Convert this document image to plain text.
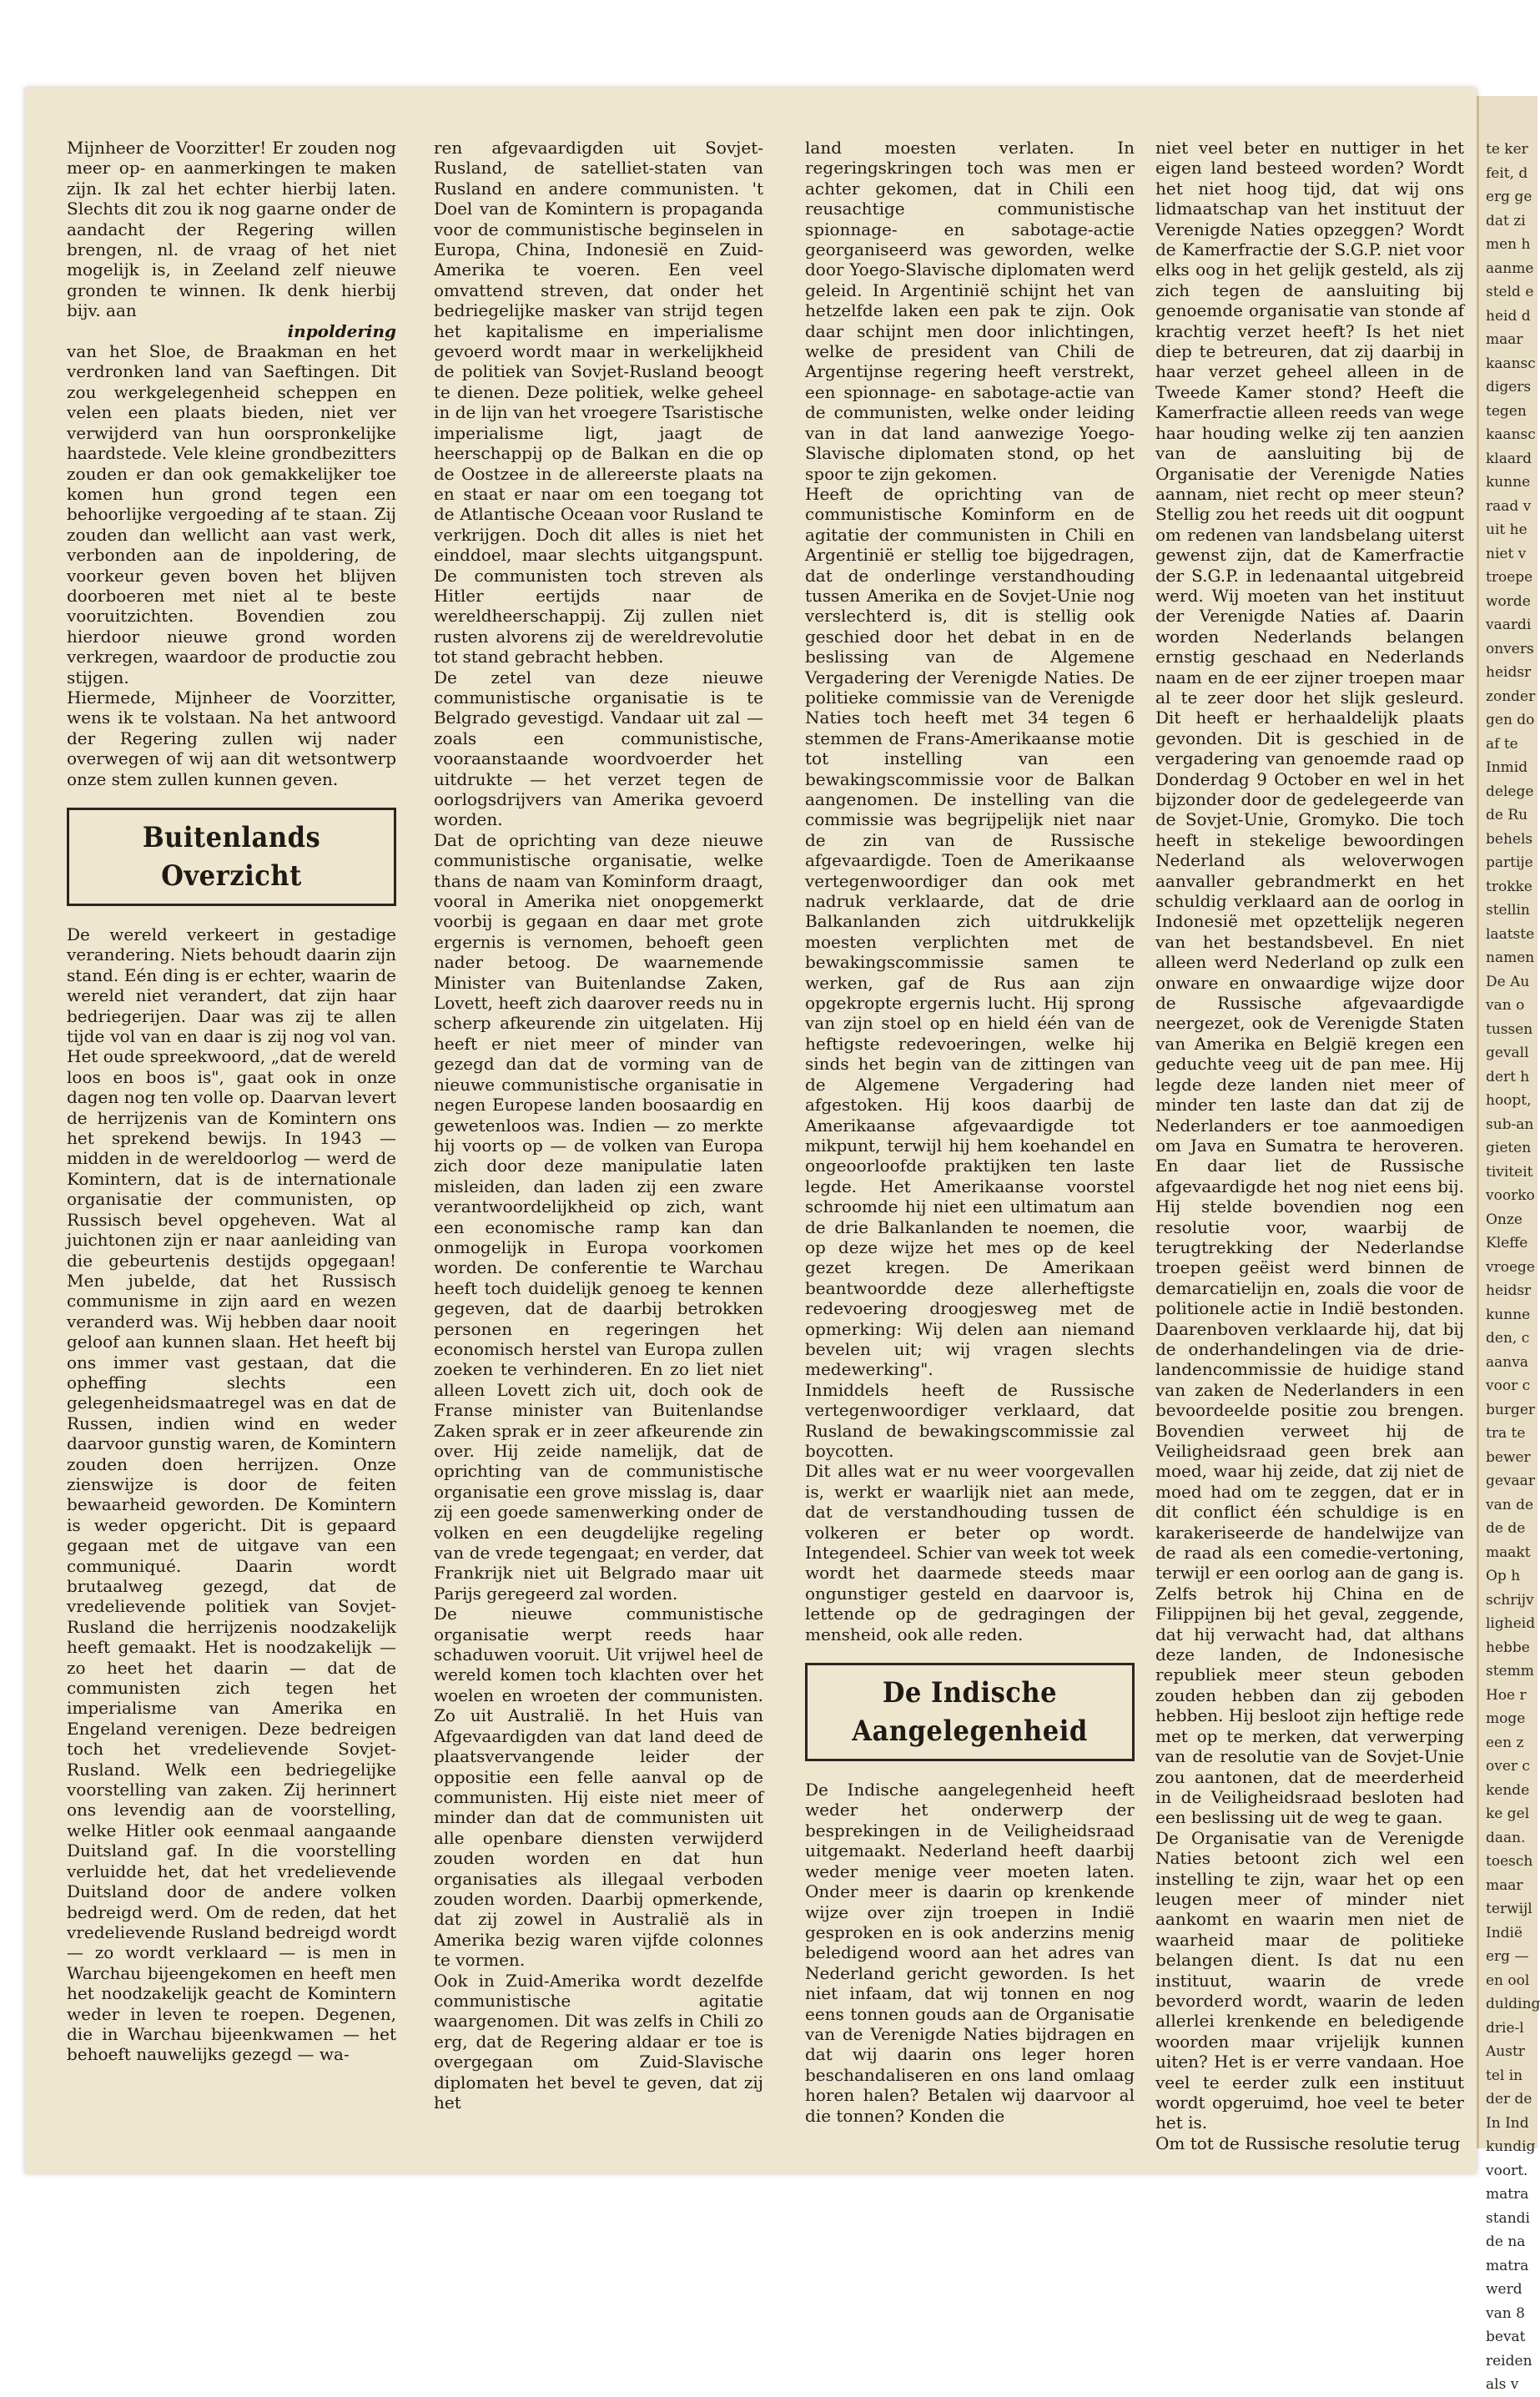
Mijnheer de Voorzitter! Er zouden nog meer op- en aanmerkingen te maken zijn. Ik zal het echter hierbij laten. Slechts dit zou ik nog gaarne onder de aandacht der Regering willen brengen, nl. de vraag of het niet mogelijk is, in Zeeland zelf nieuwe gronden te winnen. Ik denk hierbij bijv. aan

inpoldering

van het Sloe, de Braakman en het verdronken land van Saeftingen. Dit zou werkgelegenheid scheppen en velen een plaats bieden, niet ver verwijderd van hun oorspronkelijke haardstede. Vele kleine grondbezitters zouden er dan ook gemakkelijker toe komen hun grond tegen een behoorlijke vergoeding af te staan. Zij zouden dan wellicht aan vast werk, verbonden aan de inpoldering, de voorkeur geven boven het blijven doorboeren met niet al te beste vooruitzichten. Bovendien zou hierdoor nieuwe grond worden verkregen, waardoor de productie zou stijgen.

Hiermede, Mijnheer de Voorzitter, wens ik te volstaan. Na het antwoord der Regering zullen wij nader overwegen of wij aan dit wetsontwerp onze stem zullen kunnen geven.

Buitenlands Overzicht

De wereld verkeert in gestadige verandering. Niets behoudt daarin zijn stand. Eén ding is er echter, waarin de wereld niet verandert, dat zijn haar bedriegerijen. Daar was zij te allen tijde vol van en daar is zij nog vol van. Het oude spreekwoord, „dat de wereld loos en boos is", gaat ook in onze dagen nog ten volle op. Daarvan levert de herrijzenis van de Komintern ons het sprekend bewijs. In 1943 — midden in de wereldoorlog — werd de Komintern, dat is de internationale organisatie der communisten, op Russisch bevel opgeheven. Wat al juichtonen zijn er naar aanleiding van die gebeurtenis destijds opgegaan! Men jubelde, dat het Russisch communisme in zijn aard en wezen veranderd was. Wij hebben daar nooit geloof aan kunnen slaan. Het heeft bij ons immer vast gestaan, dat die opheffing slechts een gelegenheidsmaatregel was en dat de Russen, indien wind en weder daarvoor gunstig waren, de Komintern zouden doen herrijzen. Onze zienswijze is door de feiten bewaarheid geworden. De Komintern is weder opgericht. Dit is gepaard gegaan met de uitgave van een communiqué. Daarin wordt brutaalweg gezegd, dat de vredelievende politiek van Sovjet-Rusland die herrijzenis noodzakelijk heeft gemaakt. Het is noodzakelijk — zo heet het daarin — dat de communisten zich tegen het imperialisme van Amerika en Engeland verenigen. Deze bedreigen toch het vredelievende Sovjet-Rusland. Welk een bedriegelijke voorstelling van zaken. Zij herinnert ons levendig aan de voorstelling, welke Hitler ook eenmaal aangaande Duitsland gaf. In die voorstelling verluidde het, dat het vredelievende Duitsland door de andere volken bedreigd werd. Om de reden, dat het vredelievende Rusland bedreigd wordt — zo wordt verklaard — is men in Warchau bijeengekomen en heeft men het noodzakelijk geacht de Komintern weder in leven te roepen. Degenen, die in Warchau bijeenkwamen — het behoeft nauwelijks gezegd — wa-

ren afgevaardigden uit Sovjet-Rusland, de satelliet-staten van Rusland en andere communisten. 't Doel van de Komintern is propaganda voor de communistische beginselen in Europa, China, Indonesië en Zuid-Amerika te voeren. Een veel omvattend streven, dat onder het bedriegelijke masker van strijd tegen het kapitalisme en imperialisme gevoerd wordt maar in werkelijkheid de politiek van Sovjet-Rusland beoogt te dienen. Deze politiek, welke geheel in de lijn van het vroegere Tsaristische imperialisme ligt, jaagt de heerschappij op de Balkan en die op de Oostzee in de allereerste plaats na en staat er naar om een toegang tot de Atlantische Oceaan voor Rusland te verkrijgen. Doch dit alles is niet het einddoel, maar slechts uitgangspunt. De communisten toch streven als Hitler eertijds naar de wereldheerschappij. Zij zullen niet rusten alvorens zij de wereldrevolutie tot stand gebracht hebben.

De zetel van deze nieuwe communistische organisatie is te Belgrado gevestigd. Vandaar uit zal — zoals een communistische, vooraanstaande woordvoerder het uitdrukte — het verzet tegen de oorlogsdrijvers van Amerika gevoerd worden.

Dat de oprichting van deze nieuwe communistische organisatie, welke thans de naam van Kominform draagt, vooral in Amerika niet onopgemerkt voorbij is gegaan en daar met grote ergernis is vernomen, behoeft geen nader betoog. De waarnemende Minister van Buitenlandse Zaken, Lovett, heeft zich daarover reeds nu in scherp afkeurende zin uitgelaten. Hij heeft er niet meer of minder van gezegd dan dat de vorming van de nieuwe communistische organisatie in negen Europese landen boosaardig en gewetenloos was. Indien — zo merkte hij voorts op — de volken van Europa zich door deze manipulatie laten misleiden, dan laden zij een zware verantwoordelijkheid op zich, want een economische ramp kan dan onmogelijk in Europa voorkomen worden. De conferentie te Warchau heeft toch duidelijk genoeg te kennen gegeven, dat de daarbij betrokken personen en regeringen het economisch herstel van Europa zullen zoeken te verhinderen. En zo liet niet alleen Lovett zich uit, doch ook de Franse minister van Buitenlandse Zaken sprak er in zeer afkeurende zin over. Hij zeide namelijk, dat de oprichting van de communistische organisatie een grove misslag is, daar zij een goede samenwerking onder de volken en een deugdelijke regeling van de vrede tegengaat; en verder, dat Frankrijk niet uit Belgrado maar uit Parijs geregeerd zal worden.

De nieuwe communistische organisatie werpt reeds haar schaduwen vooruit. Uit vrijwel heel de wereld komen toch klachten over het woelen en wroeten der communisten. Zo uit Australië. In het Huis van Afgevaardigden van dat land deed de plaatsvervangende leider der oppositie een felle aanval op de communisten. Hij eiste niet meer of minder dan dat de communisten uit alle openbare diensten verwijderd zouden worden en dat hun organisaties als illegaal verboden zouden worden. Daarbij opmerkende, dat zij zowel in Australië als in Amerika bezig waren vijfde colonnes te vormen.

Ook in Zuid-Amerika wordt dezelfde communistische agitatie waargenomen. Dit was zelfs in Chili zo erg, dat de Regering aldaar er toe is overgegaan om Zuid-Slavische diplomaten het bevel te geven, dat zij het

land moesten verlaten. In regeringskringen toch was men er achter gekomen, dat in Chili een reusachtige communistische spionnage- en sabotage-actie georganiseerd was geworden, welke door Yoego-Slavische diplomaten werd geleid. In Argentinië schijnt het van hetzelfde laken een pak te zijn. Ook daar schijnt men door inlichtingen, welke de president van Chili de Argentijnse regering heeft verstrekt, een spionnage- en sabotage-actie van de communisten, welke onder leiding van in dat land aanwezige Yoego-Slavische diplomaten stond, op het spoor te zijn gekomen.

Heeft de oprichting van de communistische Kominform en de agitatie der communisten in Chili en Argentinië er stellig toe bijgedragen, dat de onderlinge verstandhouding tussen Amerika en de Sovjet-Unie nog verslechterd is, dit is stellig ook geschied door het debat in en de beslissing van de Algemene Vergadering der Verenigde Naties. De politieke commissie van de Verenigde Naties toch heeft met 34 tegen 6 stemmen de Frans-Amerikaanse motie tot instelling van een bewakingscommissie voor de Balkan aangenomen. De instelling van die commissie was begrijpelijk niet naar de zin van de Russische afgevaardigde. Toen de Amerikaanse vertegenwoordiger dan ook met nadruk verklaarde, dat de drie Balkanlanden zich uitdrukkelijk moesten verplichten met de bewakingscommissie samen te werken, gaf de Rus aan zijn opgekropte ergernis lucht. Hij sprong van zijn stoel op en hield één van de heftigste redevoeringen, welke hij sinds het begin van de zittingen van de Algemene Vergadering had afgestoken. Hij koos daarbij de Amerikaanse afgevaardigde tot mikpunt, terwijl hij hem koehandel en ongeoorloofde praktijken ten laste legde. Het Amerikaanse voorstel schroomde hij niet een ultimatum aan de drie Balkanlanden te noemen, die op deze wijze het mes op de keel gezet kregen. De Amerikaan beantwoordde deze allerheftigste redevoering droogjesweg met de opmerking: Wij delen aan niemand bevelen uit; wij vragen slechts medewerking".

Inmiddels heeft de Russische vertegenwoordiger verklaard, dat Rusland de bewakingscommissie zal boycotten.

Dit alles wat er nu weer voorgevallen is, werkt er waarlijk niet aan mede, dat de verstandhouding tussen de volkeren er beter op wordt. Integendeel. Schier van week tot week wordt het daarmede steeds maar ongunstiger gesteld en daarvoor is, lettende op de gedragingen der mensheid, ook alle reden.

De Indische Aangelegenheid

De Indische aangelegenheid heeft weder het onderwerp der besprekingen in de Veiligheidsraad uitgemaakt. Nederland heeft daarbij weder menige veer moeten laten. Onder meer is daarin op krenkende wijze over zijn troepen in Indië gesproken en is ook anderzins menig beledigend woord aan het adres van Nederland gericht geworden. Is het niet infaam, dat wij tonnen en nog eens tonnen gouds aan de Organisatie van de Verenigde Naties bijdragen en dat wij daarin ons leger horen beschandaliseren en ons land omlaag horen halen? Betalen wij daarvoor al die tonnen? Konden die

niet veel beter en nuttiger in het eigen land besteed worden? Wordt het niet hoog tijd, dat wij ons lidmaatschap van het instituut der Verenigde Naties opzeggen? Wordt de Kamerfractie der S.G.P. niet voor elks oog in het gelijk gesteld, als zij zich tegen de aansluiting bij genoemde organisatie van stonde af krachtig verzet heeft? Is het niet diep te betreuren, dat zij daarbij in haar verzet geheel alleen in de Tweede Kamer stond? Heeft die Kamerfractie alleen reeds van wege haar houding welke zij ten aanzien van de aansluiting bij de Organisatie der Verenigde Naties aannam, niet recht op meer steun? Stellig zou het reeds uit dit oogpunt om redenen van landsbelang uiterst gewenst zijn, dat de Kamerfractie der S.G.P. in ledenaantal uitgebreid werd. Wij moeten van het instituut der Verenigde Naties af. Daarin worden Nederlands belangen ernstig geschaad en Nederlands naam en de eer zijner troepen maar al te zeer door het slijk gesleurd. Dit heeft er herhaaldelijk plaats gevonden. Dit is geschied in de vergadering van genoemde raad op Donderdag 9 October en wel in het bijzonder door de gedelegeerde van de Sovjet-Unie, Gromyko. Die toch heeft in stekelige bewoordingen Nederland als weloverwogen aanvaller gebrandmerkt en het schuldig verklaard aan de oorlog in Indonesië met opzettelijk negeren van het bestandsbevel. En niet alleen werd Nederland op zulk een onware en onwaardige wijze door de Russische afgevaardigde neergezet, ook de Verenigde Staten van Amerika en België kregen een geduchte veeg uit de pan mee. Hij legde deze landen niet meer of minder ten laste dan dat zij de Nederlanders er toe aanmoedigen om Java en Sumatra te heroveren. En daar liet de Russische afgevaardigde het nog niet eens bij. Hij stelde bovendien nog een resolutie voor, waarbij de terugtrekking der Nederlandse troepen geëist werd binnen de demarcatielijn en, zoals die voor de politionele actie in Indië bestonden. Daarenboven verklaarde hij, dat bij de onderhandelingen via de drie-landencommissie de huidige stand van zaken de Nederlanders in een bevoordeelde positie zou brengen. Bovendien verweet hij de Veiligheidsraad geen brek aan moed, waar hij zeide, dat zij niet de moed had om te zeggen, dat er in dit conflict één schuldige is en karakeriseerde de handelwijze van de raad als een comedie-vertoning, terwijl er een oorlog aan de gang is. Zelfs betrok hij China en de Filippijnen bij het geval, zeggende, dat hij verwacht had, dat althans deze landen, de Indonesische republiek meer steun geboden zouden hebben dan zij geboden hebben. Hij besloot zijn heftige rede met op te merken, dat verwerping van de resolutie van de Sovjet-Unie zou aantonen, dat de meerderheid in de Veiligheidsraad besloten had een beslissing uit de weg te gaan.

De Organisatie van de Verenigde Naties betoont zich wel een instelling te zijn, waar het op een leugen meer of minder niet aankomt en waarin men niet de waarheid maar de politieke belangen dient. Is dat nu een instituut, waarin de vrede bevorderd wordt, waarin de leden allerlei krenkende en beledigende woorden maar vrijelijk kunnen uiten? Het is er verre vandaan. Hoe veel te eerder zulk een instituut wordt opgeruimd, hoe veel te beter het is.

Om tot de Russische resolutie terug

te ker
feit, d
erg ge
dat zi
men h
aanme
steld e
heid d
maar
kaansc
digers
tegen
kaansc
klaard
kunne
raad v
uit he
niet v
troepe
worde
vaardi
onvers
heidsr
zonder
gen do
af te
Inmid
delege
de Ru
behels
partije
trokke
stellin
laatste
namen
De Au
van o
tussen
gevall
dert h
hoopt,
sub-an
gieten
tiviteit
voorko
Onze
Kleffe
vroege
heidsr
kunne
den, c
aanva
voor c
burger
tra te
bewer
gevaar
van de
de de
maakt
Op h
schrijv
ligheid
hebbe
stemm
Hoe r
moge
een z
over c
kende
ke gel
daan.
toesch
maar
terwijl
Indië
erg —
en ool
dulding
drie-l
Austr
tel in
der de
In Ind
kundig
voort.
matra
standi
de na
matra
werd
van 8
bevat
reiden
als v
